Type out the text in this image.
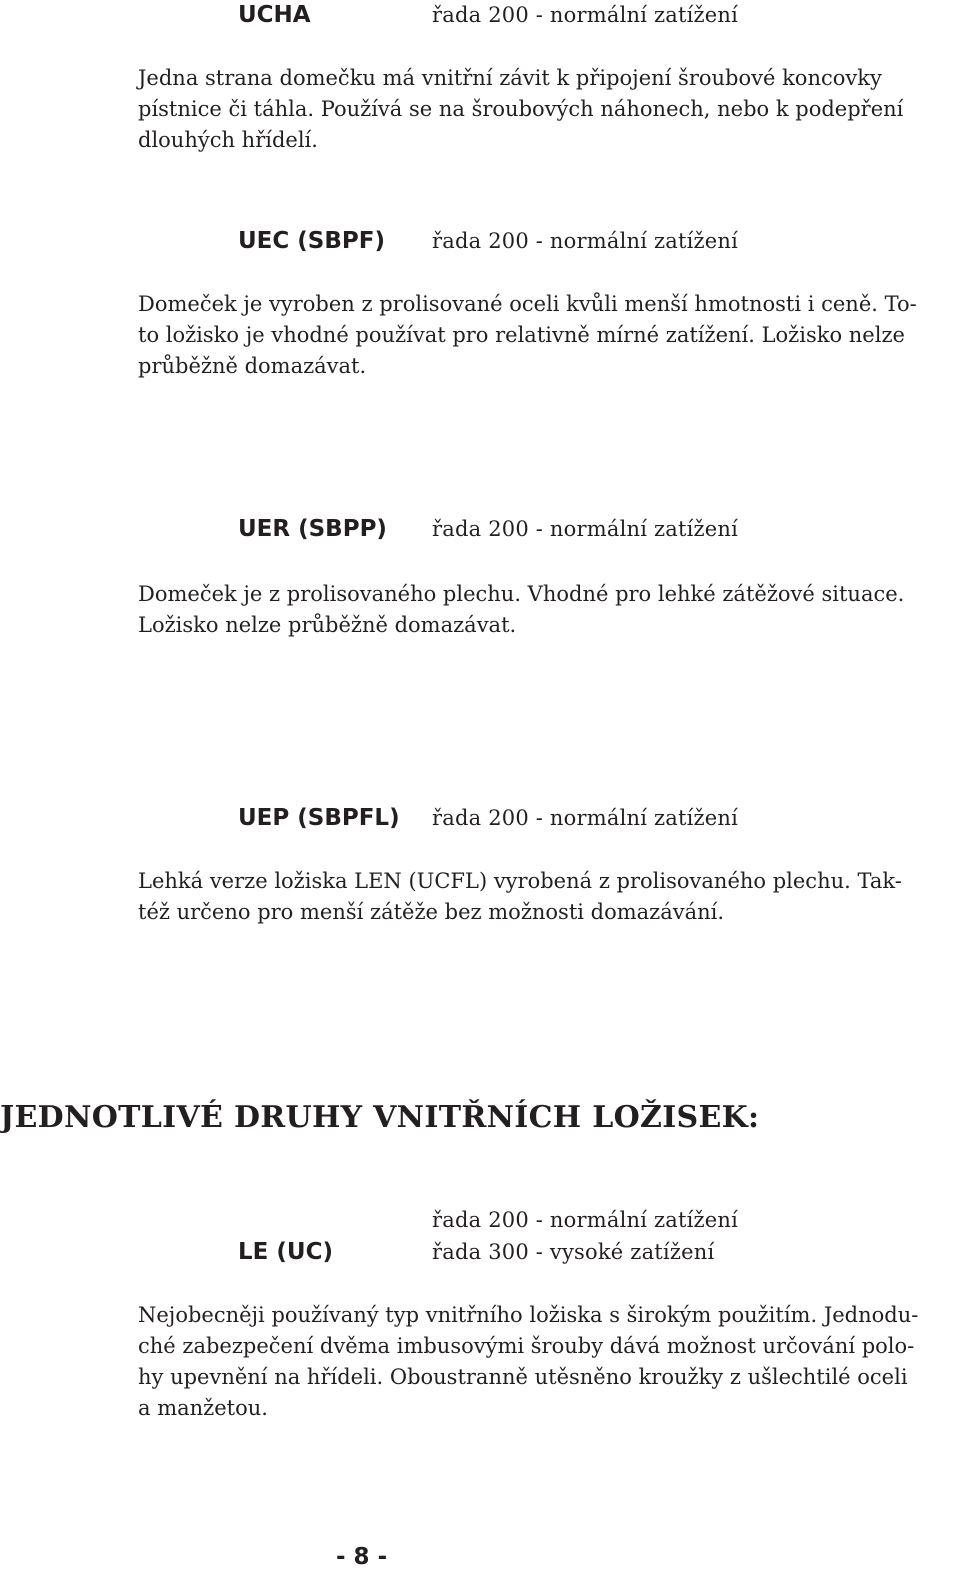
UCHA	řada 200 - normální zatížení

Jedna strana domečku má vnitřní závit k připojení šroubové koncovky
pístnice či táhla. Používá se na šroubových náhonech, nebo k podepření
dlouhých hřídelí.

UEC (SBPF) řada 200 - normální zatížení

Domeček je vyroben z prolisované oceli kvůli menší hmotnosti i ceně. To-
to ložisko je vhodné používat pro relativně mírné zatížení. Ložisko nelze
průběžně domazávat.

UER (SBPP) řada 200 - normální zatížení

Domeček je z prolisovaného plechu. Vhodné pro lehké zátěžové situace.
Ložisko nelze průběžně domazávat.

UEP (SBPFL) řada 200 - normální zatížení

Lehká verze ložiska LEN (UCFL) vyrobená z prolisovaného plechu. Tak-
též určeno pro menší zátěže bez možnosti domazávání.

JEDNOTLIVÉ DRUHY VNITŘNÍCH LOŽISEK:
LE (UC)
řada 200 - normální zatížení
řada 300 - vysoké zatížení

Nejobecněji používaný typ vnitřního ložiska s širokým použitím. Jednodu-
ché zabezpečení dvěma imbusovými šrouby dává možnost určování polo-
hy upevnění na hřídeli. Oboustranně utěsněno kroužky z ušlechtilé oceli
a manžetou.

- 8 -
